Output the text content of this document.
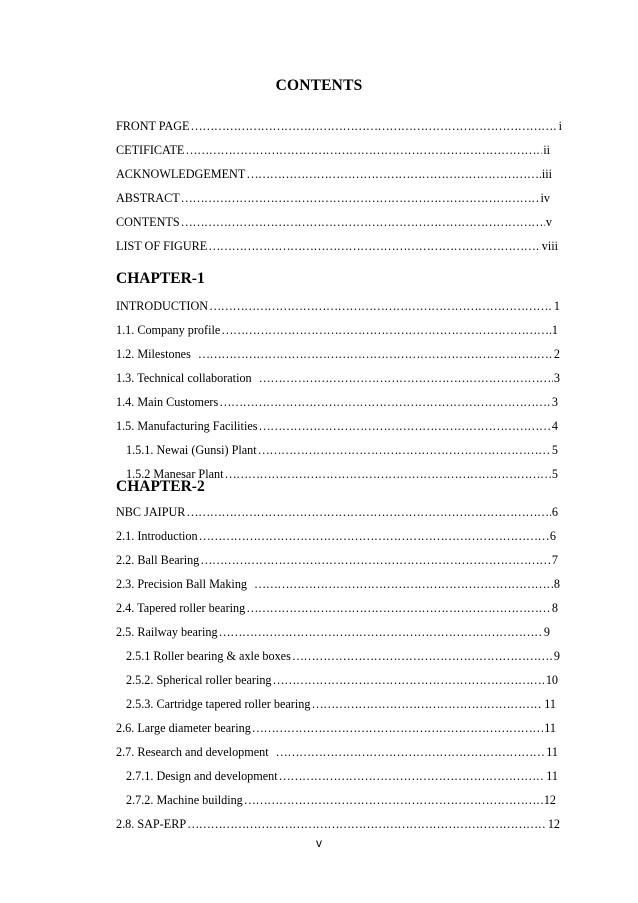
CONTENTS
FRONT PAGE ……………………………………………………………………………………………………………………………………………………………………	i
CETIFICATE ……………………………………………………………………………………………………………………………………………………………………	ii
ACKNOWLEDGEMENT ……………………………………………………………………………………………………………………………………………………………………	iii
ABSTRACT ……………………………………………………………………………………………………………………………………………………………………	iv
CONTENTS ……………………………………………………………………………………………………………………………………………………………………	v
LIST OF FIGURE ……………………………………………………………………………………………………………………………………………………………………	viii
CHAPTER-1
INTRODUCTION ……………………………………………………………………………………………………………………………………………………………………	1
1.1. Company profile ……………………………………………………………………………………………………………………………………………………………………	1
1.2. Milestones ……………………………………………………………………………………………………………………………………………………………………	2
1.3. Technical collaboration ……………………………………………………………………………………………………………………………………………………………………	3
1.4. Main Customers ……………………………………………………………………………………………………………………………………………………………………	3
1.5. Manufacturing Facilities ……………………………………………………………………………………………………………………………………………………………………	4
1.5.1. Newai (Gunsi) Plant ……………………………………………………………………………………………………………………………………………………………………	5
1.5.2 Manesar Plant ……………………………………………………………………………………………………………………………………………………………………	5
CHAPTER-2
NBC JAIPUR ……………………………………………………………………………………………………………………………………………………………………	6
2.1. Introduction ……………………………………………………………………………………………………………………………………………………………………	6
2.2. Ball Bearing ……………………………………………………………………………………………………………………………………………………………………	7
2.3. Precision Ball Making ……………………………………………………………………………………………………………………………………………………………………	8
2.4. Tapered roller bearing ……………………………………………………………………………………………………………………………………………………………………	8
2.5. Railway bearing ……………………………………………………………………………………………………………………………………………………………………	9
2.5.1 Roller bearing & axle boxes ……………………………………………………………………………………………………………………………………………………………………	9
2.5.2. Spherical roller bearing ……………………………………………………………………………………………………………………………………………………………………	10
2.5.3. Cartridge tapered roller bearing ……………………………………………………………………………………………………………………………………………………………………	11
2.6. Large diameter bearing ……………………………………………………………………………………………………………………………………………………………………	11
2.7. Research and development ……………………………………………………………………………………………………………………………………………………………………	11
2.7.1. Design and development ……………………………………………………………………………………………………………………………………………………………………	11
2.7.2. Machine building ……………………………………………………………………………………………………………………………………………………………………	12
2.8. SAP-ERP ……………………………………………………………………………………………………………………………………………………………………	12
v
